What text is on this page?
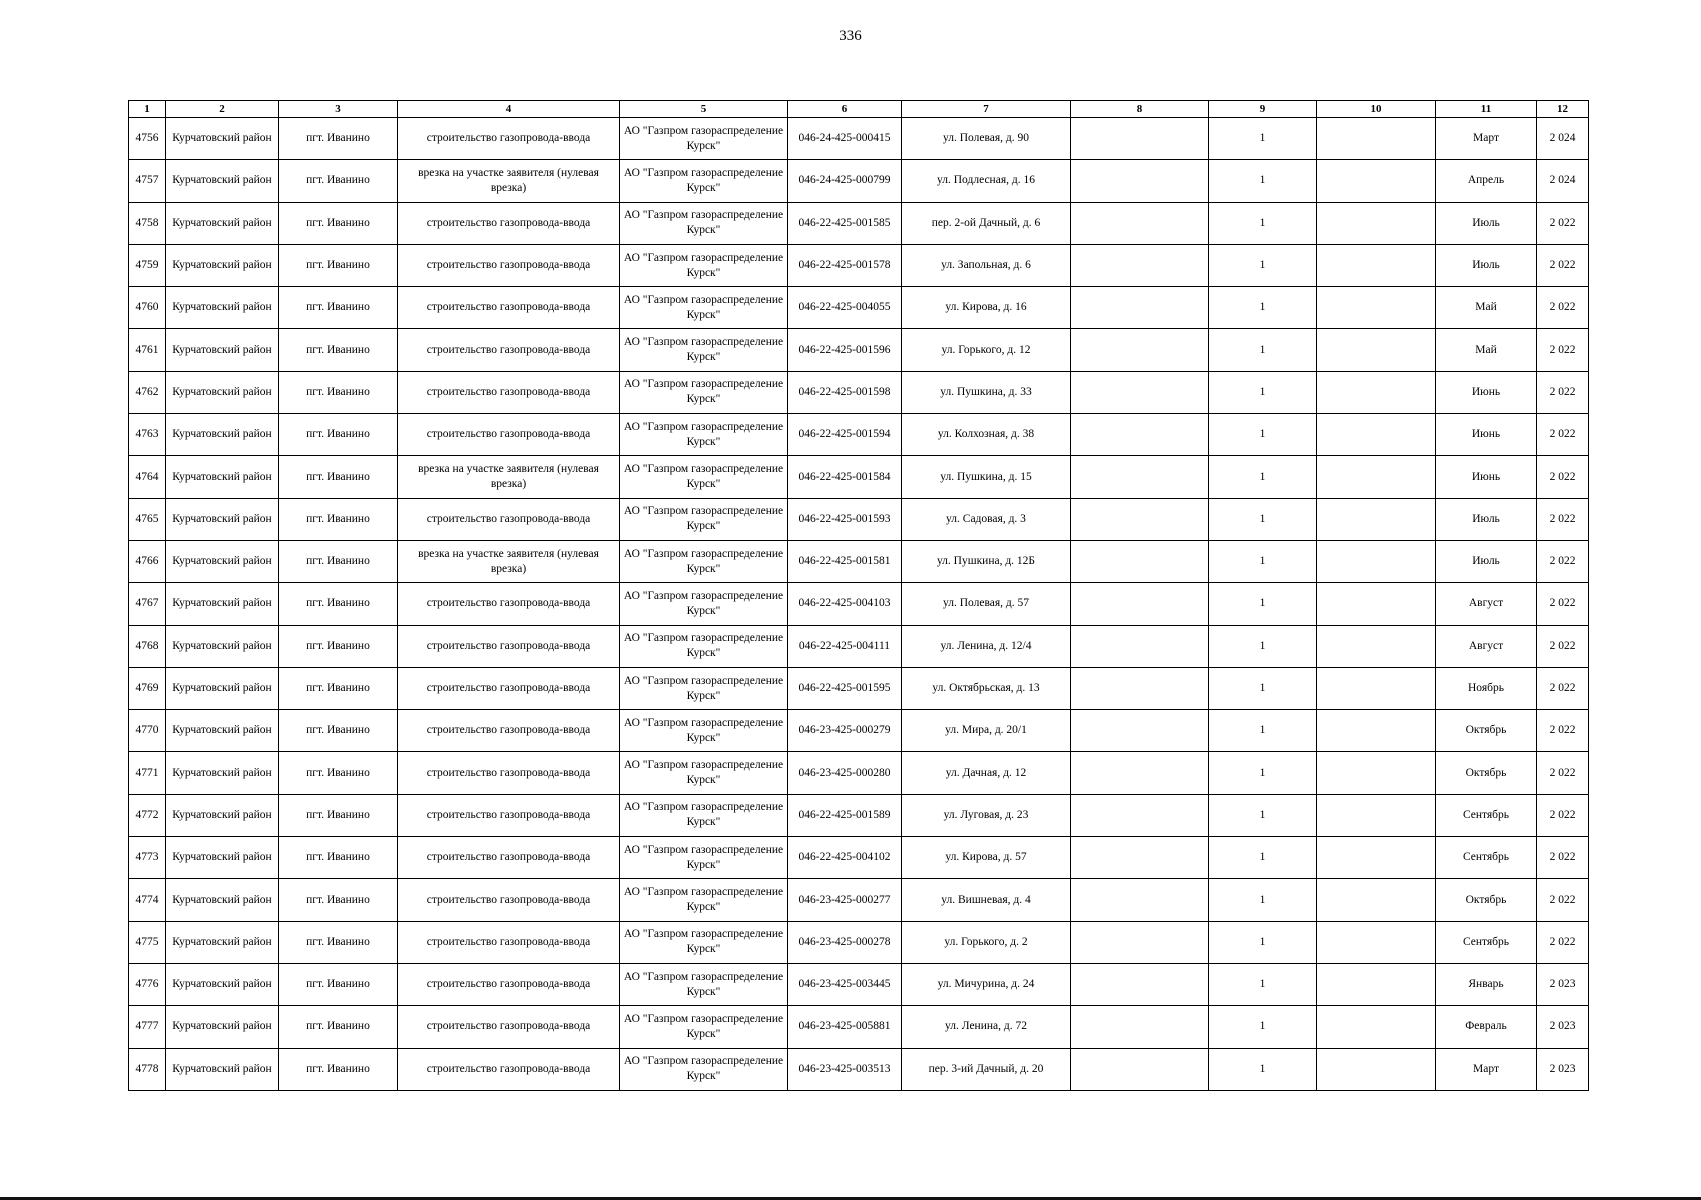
336
1	2	3	4	5	6	7	8	9	10	11	12
4756	Курчатовский район	пгт. Иванино	строительство газопровода-ввода	АО "Газпром газораспределение Курск"	046-24-425-000415	ул. Полевая, д. 90		1		Март	2 024
4757	Курчатовский район	пгт. Иванино	врезка на участке заявителя (нулевая врезка)	АО "Газпром газораспределение Курск"	046-24-425-000799	ул. Подлесная, д. 16		1		Апрель	2 024
4758	Курчатовский район	пгт. Иванино	строительство газопровода-ввода	АО "Газпром газораспределение Курск"	046-22-425-001585	пер. 2-ой Дачный, д. 6		1		Июль	2 022
4759	Курчатовский район	пгт. Иванино	строительство газопровода-ввода	АО "Газпром газораспределение Курск"	046-22-425-001578	ул. Запольная, д. 6		1		Июль	2 022
4760	Курчатовский район	пгт. Иванино	строительство газопровода-ввода	АО "Газпром газораспределение Курск"	046-22-425-004055	ул. Кирова, д. 16		1		Май	2 022
4761	Курчатовский район	пгт. Иванино	строительство газопровода-ввода	АО "Газпром газораспределение Курск"	046-22-425-001596	ул. Горького, д. 12		1		Май	2 022
4762	Курчатовский район	пгт. Иванино	строительство газопровода-ввода	АО "Газпром газораспределение Курск"	046-22-425-001598	ул. Пушкина, д. 33		1		Июнь	2 022
4763	Курчатовский район	пгт. Иванино	строительство газопровода-ввода	АО "Газпром газораспределение Курск"	046-22-425-001594	ул. Колхозная, д. 38		1		Июнь	2 022
4764	Курчатовский район	пгт. Иванино	врезка на участке заявителя (нулевая врезка)	АО "Газпром газораспределение Курск"	046-22-425-001584	ул. Пушкина, д. 15		1		Июнь	2 022
4765	Курчатовский район	пгт. Иванино	строительство газопровода-ввода	АО "Газпром газораспределение Курск"	046-22-425-001593	ул. Садовая, д. 3		1		Июль	2 022
4766	Курчатовский район	пгт. Иванино	врезка на участке заявителя (нулевая врезка)	АО "Газпром газораспределение Курск"	046-22-425-001581	ул. Пушкина, д. 12Б		1		Июль	2 022
4767	Курчатовский район	пгт. Иванино	строительство газопровода-ввода	АО "Газпром газораспределение Курск"	046-22-425-004103	ул. Полевая, д. 57		1		Август	2 022
4768	Курчатовский район	пгт. Иванино	строительство газопровода-ввода	АО "Газпром газораспределение Курск"	046-22-425-004111	ул. Ленина, д. 12/4		1		Август	2 022
4769	Курчатовский район	пгт. Иванино	строительство газопровода-ввода	АО "Газпром газораспределение Курск"	046-22-425-001595	ул. Октябрьская, д. 13		1		Ноябрь	2 022
4770	Курчатовский район	пгт. Иванино	строительство газопровода-ввода	АО "Газпром газораспределение Курск"	046-23-425-000279	ул. Мира, д. 20/1		1		Октябрь	2 022
4771	Курчатовский район	пгт. Иванино	строительство газопровода-ввода	АО "Газпром газораспределение Курск"	046-23-425-000280	ул. Дачная, д. 12		1		Октябрь	2 022
4772	Курчатовский район	пгт. Иванино	строительство газопровода-ввода	АО "Газпром газораспределение Курск"	046-22-425-001589	ул. Луговая, д. 23		1		Сентябрь	2 022
4773	Курчатовский район	пгт. Иванино	строительство газопровода-ввода	АО "Газпром газораспределение Курск"	046-22-425-004102	ул. Кирова, д. 57		1		Сентябрь	2 022
4774	Курчатовский район	пгт. Иванино	строительство газопровода-ввода	АО "Газпром газораспределение Курск"	046-23-425-000277	ул. Вишневая, д. 4		1		Октябрь	2 022
4775	Курчатовский район	пгт. Иванино	строительство газопровода-ввода	АО "Газпром газораспределение Курск"	046-23-425-000278	ул. Горького, д. 2		1		Сентябрь	2 022
4776	Курчатовский район	пгт. Иванино	строительство газопровода-ввода	АО "Газпром газораспределение Курск"	046-23-425-003445	ул. Мичурина, д. 24		1		Январь	2 023
4777	Курчатовский район	пгт. Иванино	строительство газопровода-ввода	АО "Газпром газораспределение Курск"	046-23-425-005881	ул. Ленина, д. 72		1		Февраль	2 023
4778	Курчатовский район	пгт. Иванино	строительство газопровода-ввода	АО "Газпром газораспределение Курск"	046-23-425-003513	пер. 3-ий Дачный, д. 20		1		Март	2 023
